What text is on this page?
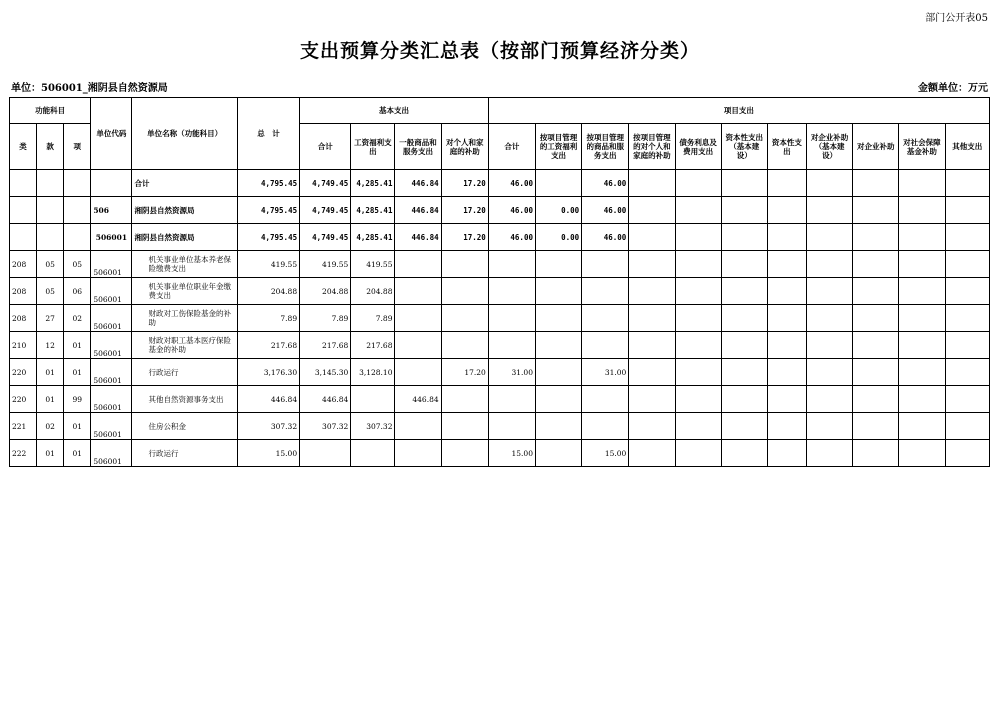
部门公开表05
支出预算分类汇总表（按部门预算经济分类）
单位：506001_湘阴县自然资源局	金额单位：万元
功能科目			单位代码	单位名称（功能科目）	总　计	基本支出				项目支出										
类	款	项				合计	工资福利支出	一般商品和服务支出	对个人和家庭的补助	合计	按项目管理的工资福利支出	按项目管理的商品和服务支出	按项目管理的对个人和家庭的补助	债务利息及费用支出	资本性支出（基本建设）	资本性支出	对企业补助（基本建设）	对企业补助	对社会保障基金补助	其他支出
				合计	4,795.45	4,749.45	4,285.41	446.84	17.20	46.00		46.00								
			506	湘阴县自然资源局	4,795.45	4,749.45	4,285.41	446.84	17.20	46.00	0.00	46.00								
			506001	湘阴县自然资源局	4,795.45	4,749.45	4,285.41	446.84	17.20	46.00	0.00	46.00								
208	05	05	506001	机关事业单位基本养老保险缴费支出	419.55	419.55	419.55													
208	05	06	506001	机关事业单位职业年金缴费支出	204.88	204.88	204.88													
208	27	02	506001	财政对工伤保险基金的补助	7.89	7.89	7.89													
210	12	01	506001	财政对职工基本医疗保险基金的补助	217.68	217.68	217.68													
220	01	01	506001	行政运行	3,176.30	3,145.30	3,128.10		17.20	31.00		31.00								
220	01	99	506001	其他自然资源事务支出	446.84	446.84		446.84												
221	02	01	506001	住房公积金	307.32	307.32	307.32													
222	01	01	506001	行政运行	15.00					15.00		15.00								
